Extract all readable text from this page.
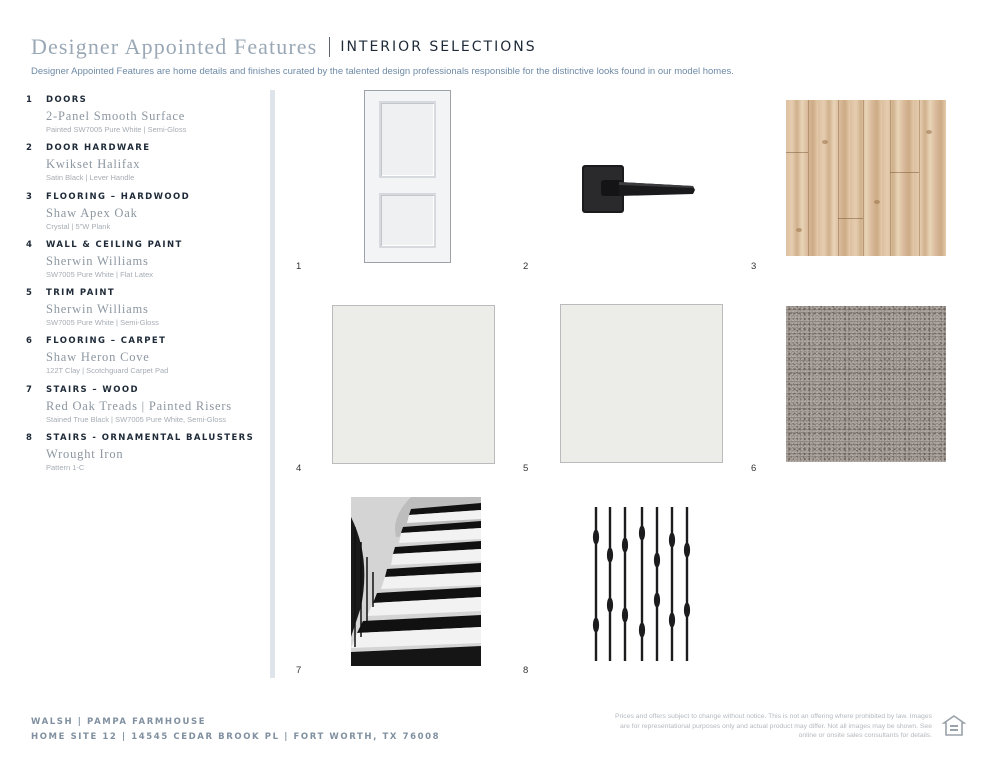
Designer Appointed Features INTERIOR SELECTIONS
Designer Appointed Features are home details and finishes curated by the talented design professionals responsible for the distinctive looks found in our model homes.
1 DOORS
2-Panel Smooth Surface
Painted SW7005 Pure White | Semi-Gloss
2 DOOR HARDWARE
Kwikset Halifax
Satin Black | Lever Handle
3 FLOORING – HARDWOOD
Shaw Apex Oak
Crystal | 5"W Plank
4 WALL & CEILING PAINT
Sherwin Williams
SW7005 Pure White | Flat Latex
5 TRIM PAINT
Sherwin Williams
SW7005 Pure White | Semi-Gloss
6 FLOORING – CARPET
Shaw Heron Cove
122T Clay | Scotchguard Carpet Pad
7 STAIRS – WOOD
Red Oak Treads | Painted Risers
Stained True Black | SW7005 Pure White, Semi-Gloss
8 STAIRS - ORNAMENTAL BALUSTERS
Wrought Iron
Pattern 1-C
1	2	3
4	5	6
7	8
WALSH | PAMPA FARMHOUSE
HOME SITE 12 | 14545 CEDAR BROOK PL | FORT WORTH, TX 76008
Prices and offers subject to change without notice. This is not an offering where prohibited by law. Images are for representational purposes only and actual product may differ. Not all images may be shown. See online or onsite sales consultants for details.
